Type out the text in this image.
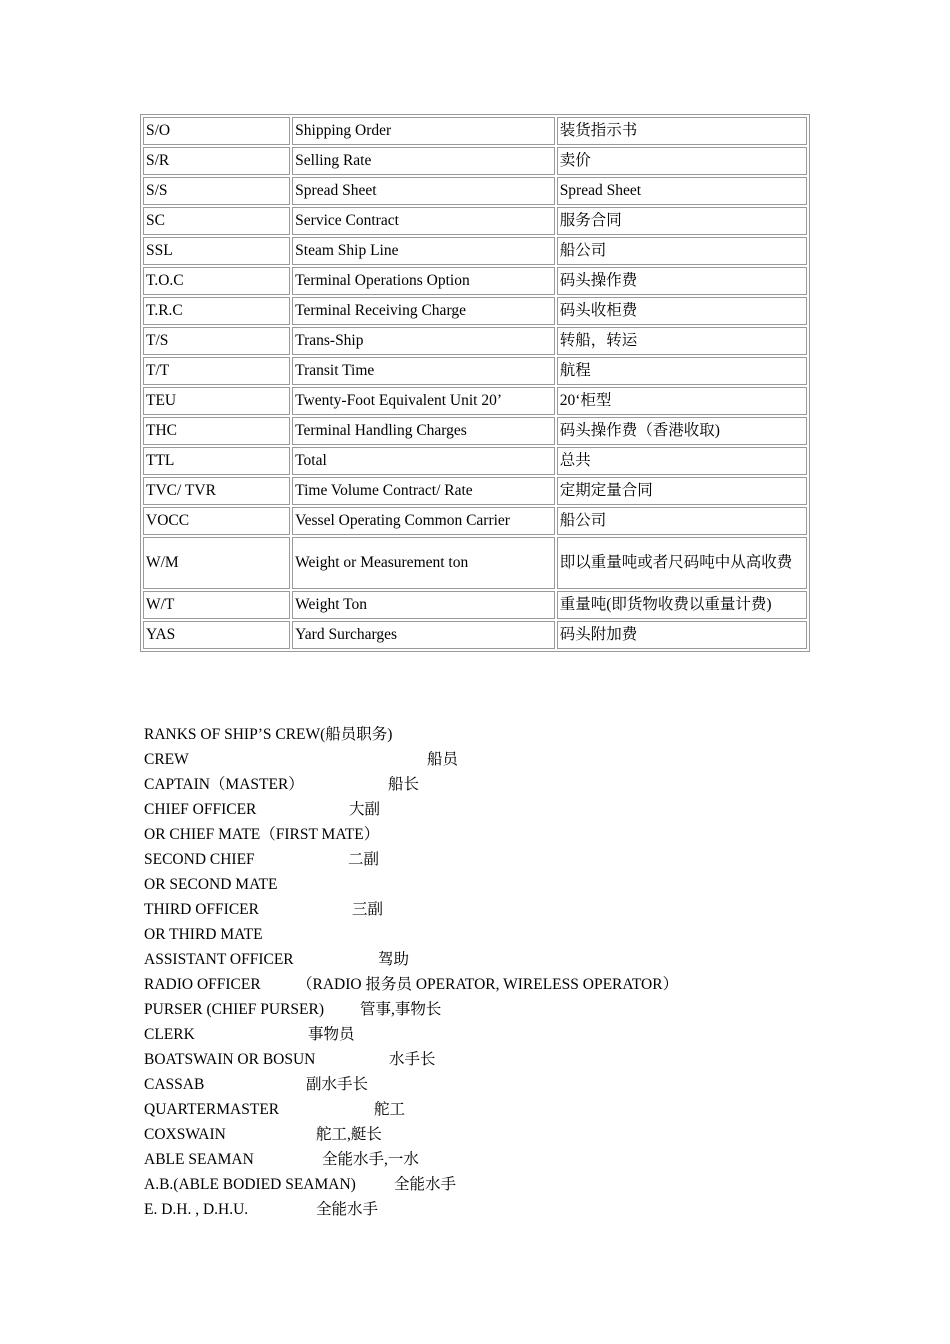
S/O	Shipping Order	装货指示书
S/R	Selling Rate	卖价
S/S	Spread Sheet	Spread Sheet
SC	Service Contract	服务合同
SSL	Steam Ship Line	船公司
T.O.C	Terminal Operations Option	码头操作费
T.R.C	Terminal Receiving Charge	码头收柜费
T/S	Trans-Ship	转船，转运
T/T	Transit Time	航程
TEU	Twenty-Foot Equivalent Unit 20’	20‘柜型
THC	Terminal Handling Charges	码头操作费（香港收取)
TTL	Total	总共
TVC/ TVR	Time Volume Contract/ Rate	定期定量合同
VOCC	Vessel Operating Common Carrier	船公司
W/M	Weight or Measurement ton	即以重量吨或者尺码吨中从高收费
W/T	Weight Ton	重量吨(即货物收费以重量计费)
YAS	Yard Surcharges	码头附加费
RANKS OF SHIP’S CREW(船员职务)
CREW	船员
CAPTAIN（MASTER）	船长
CHIEF OFFICER	大副
OR CHIEF MATE（FIRST MATE）
SECOND CHIEF	二副
OR SECOND MATE
THIRD OFFICER	三副
OR THIRD MATE
ASSISTANT OFFICER	驾助
RADIO OFFICER （RADIO 报务员 OPERATOR, WIRELESS OPERATOR）
PURSER (CHIEF PURSER) 管事,事物长
CLERK	事物员
BOATSWAIN OR BOSUN	水手长
CASSAB	副水手长
QUARTERMASTER	舵工
COXSWAIN	舵工,艇长
ABLE SEAMAN	全能水手,一水
A.B.(ABLE BODIED SEAMAN) 全能水手
E. D.H. , D.H.U.	全能水手
